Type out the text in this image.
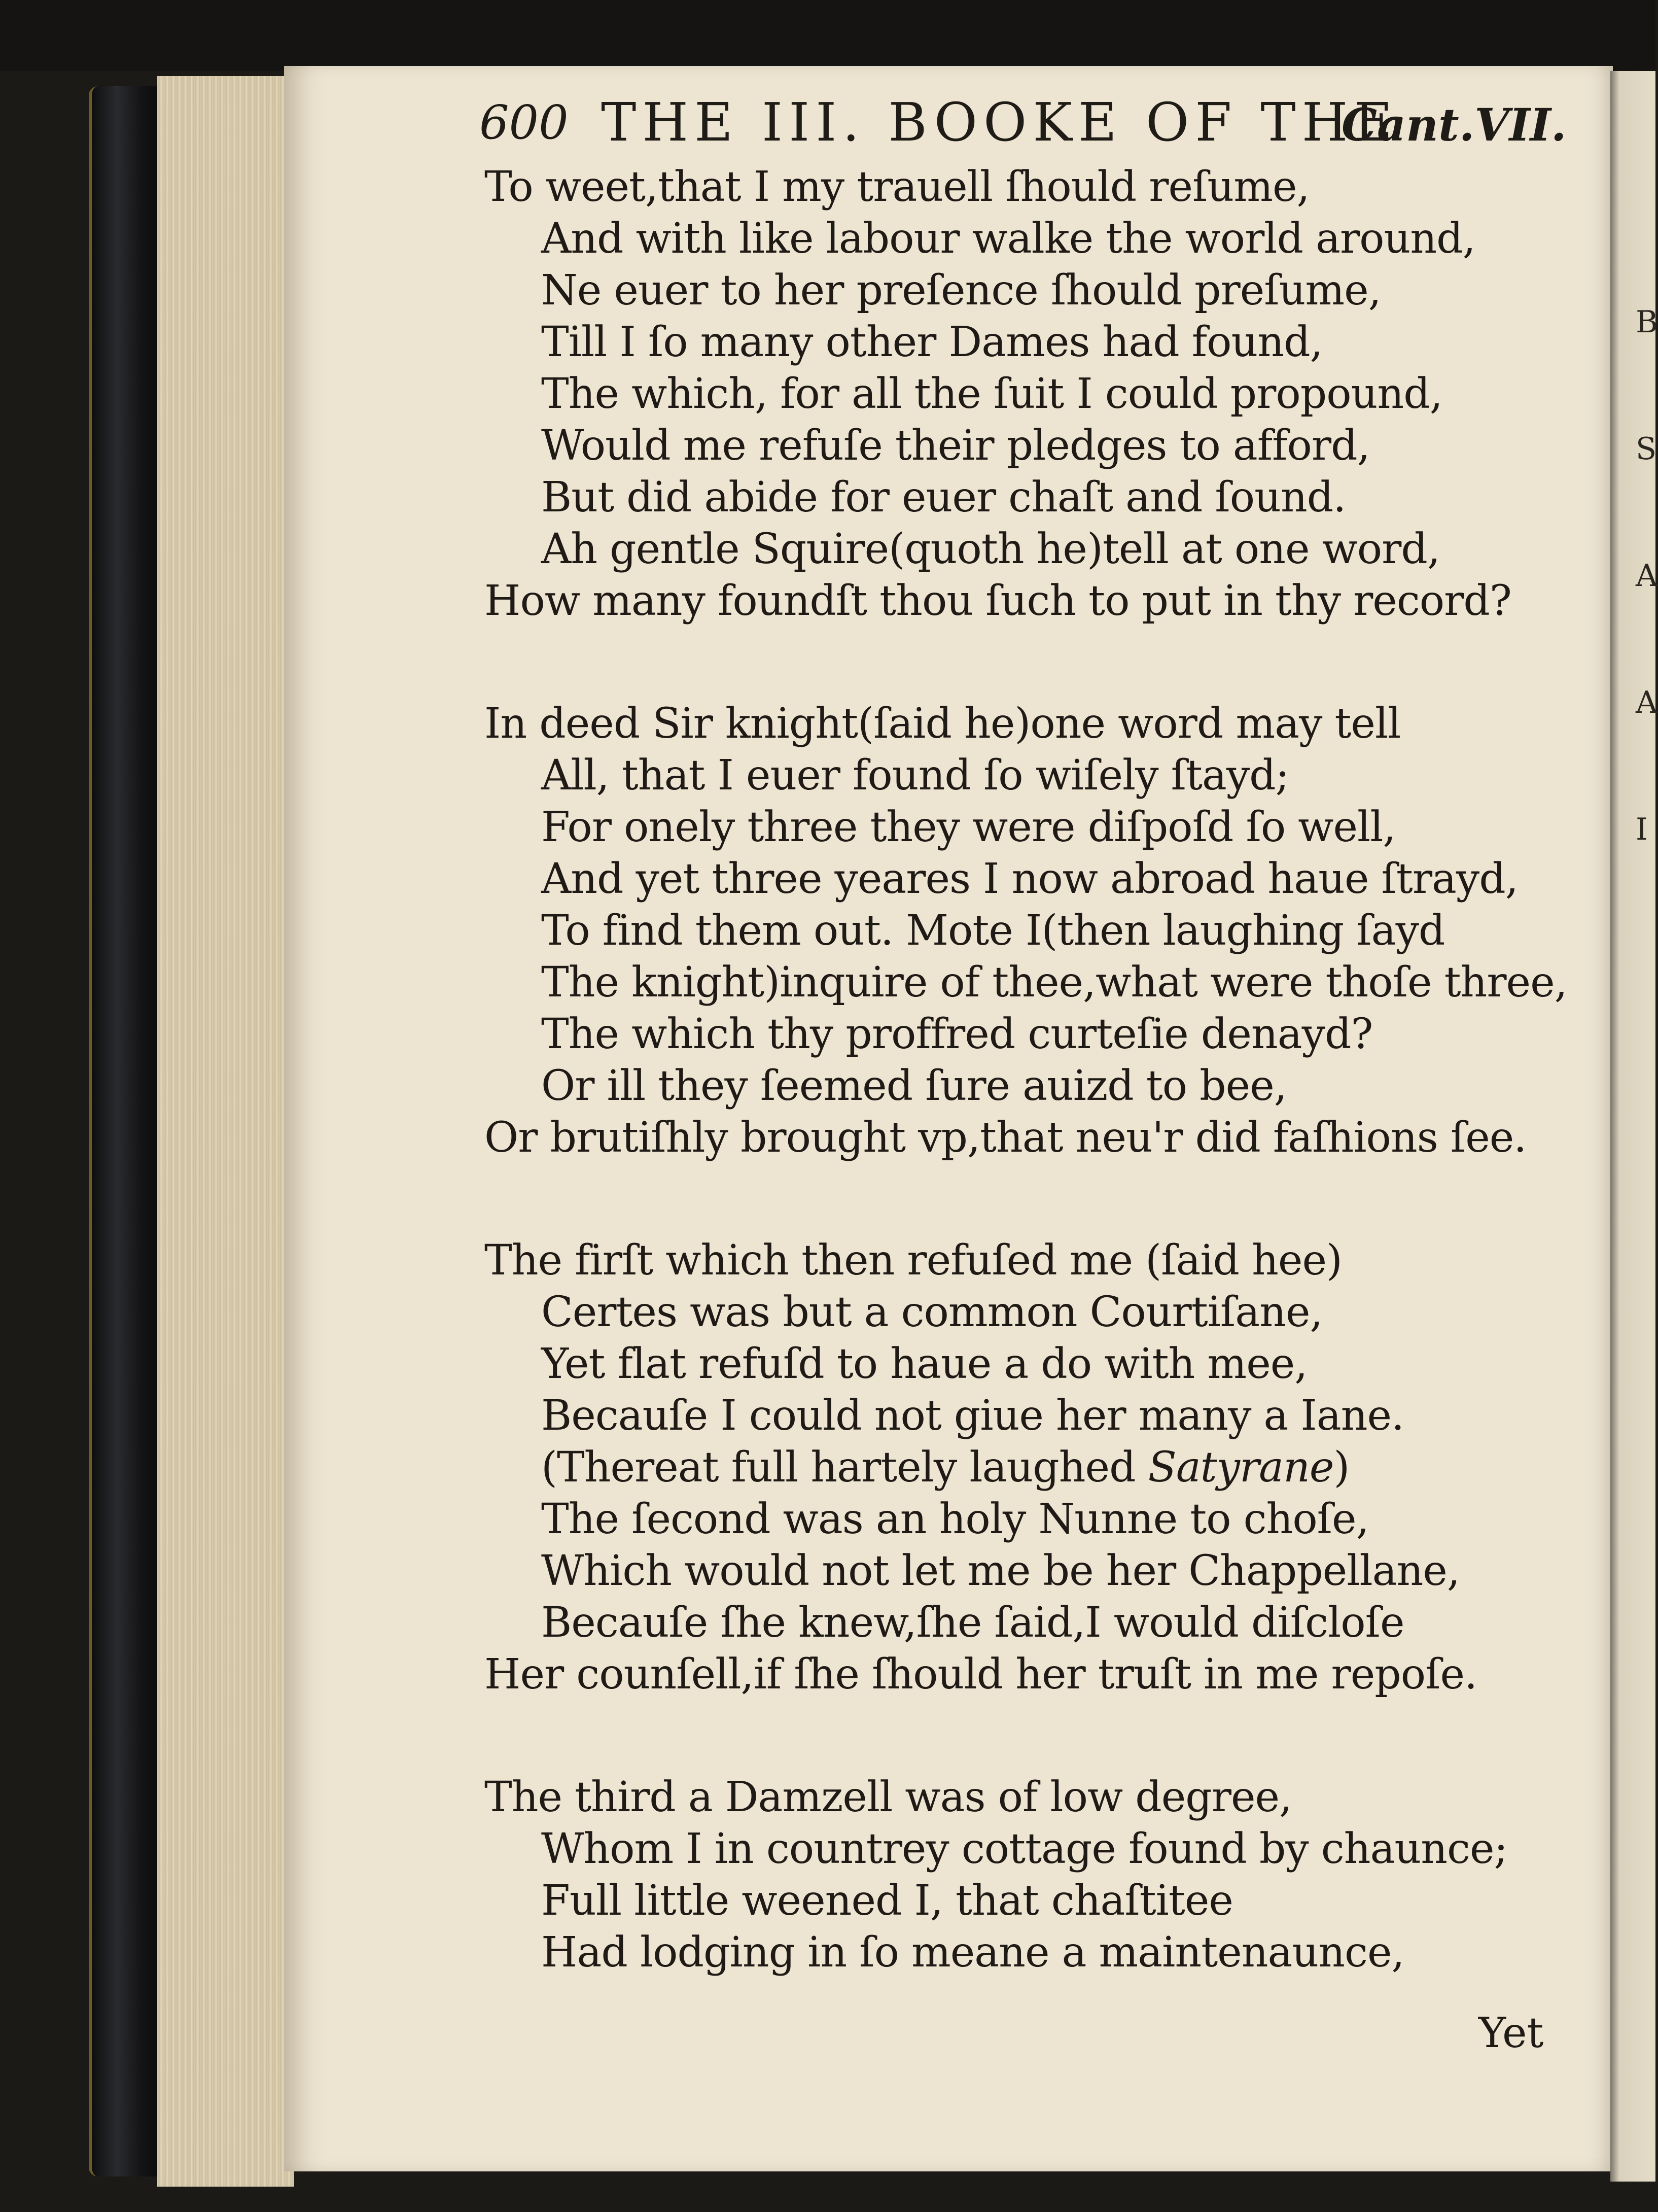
B
S
A
A
I
600 THE III. BOOKE OF THE
Cant.VII.
To weet,that I my trauell ſhould reſume,
And with like labour walke the world around,
Ne euer to her preſence ſhould preſume,
Till I ſo many other Dames had found,
The which, for all the ſuit I could propound,
Would me refuſe their pledges to afford,
But did abide for euer chaſt and ſound.
Ah gentle Squire(quoth he)tell at one word,
How many foundſt thou ſuch to put in thy record?
In deed Sir knight(ſaid he)one word may tell
All, that I euer found ſo wiſely ſtayd;
For onely three they were diſpoſd ſo well,
And yet three yeares I now abroad haue ſtrayd,
To find them out. Mote I(then laughing ſayd
The knight)inquire of thee,what were thoſe three,
The which thy proffred curteſie denayd?
Or ill they ſeemed ſure auizd to bee,
Or brutiſhly brought vp,that neu'r did faſhions ſee.
The firſt which then refuſed me (ſaid hee)
Certes was but a common Courtiſane,
Yet flat refuſd to haue a do with mee,
Becauſe I could not giue her many a Iane.
(Thereat full hartely laughed Satyrane)
The ſecond was an holy Nunne to choſe,
Which would not let me be her Chappellane,
Becauſe ſhe knew,ſhe ſaid,I would diſcloſe
Her counſell,if ſhe ſhould her truſt in me repoſe.
The third a Damzell was of low degree,
Whom I in countrey cottage found by chaunce;
Full little weened I, that chaſtitee
Had lodging in ſo meane a maintenaunce,
Yet
